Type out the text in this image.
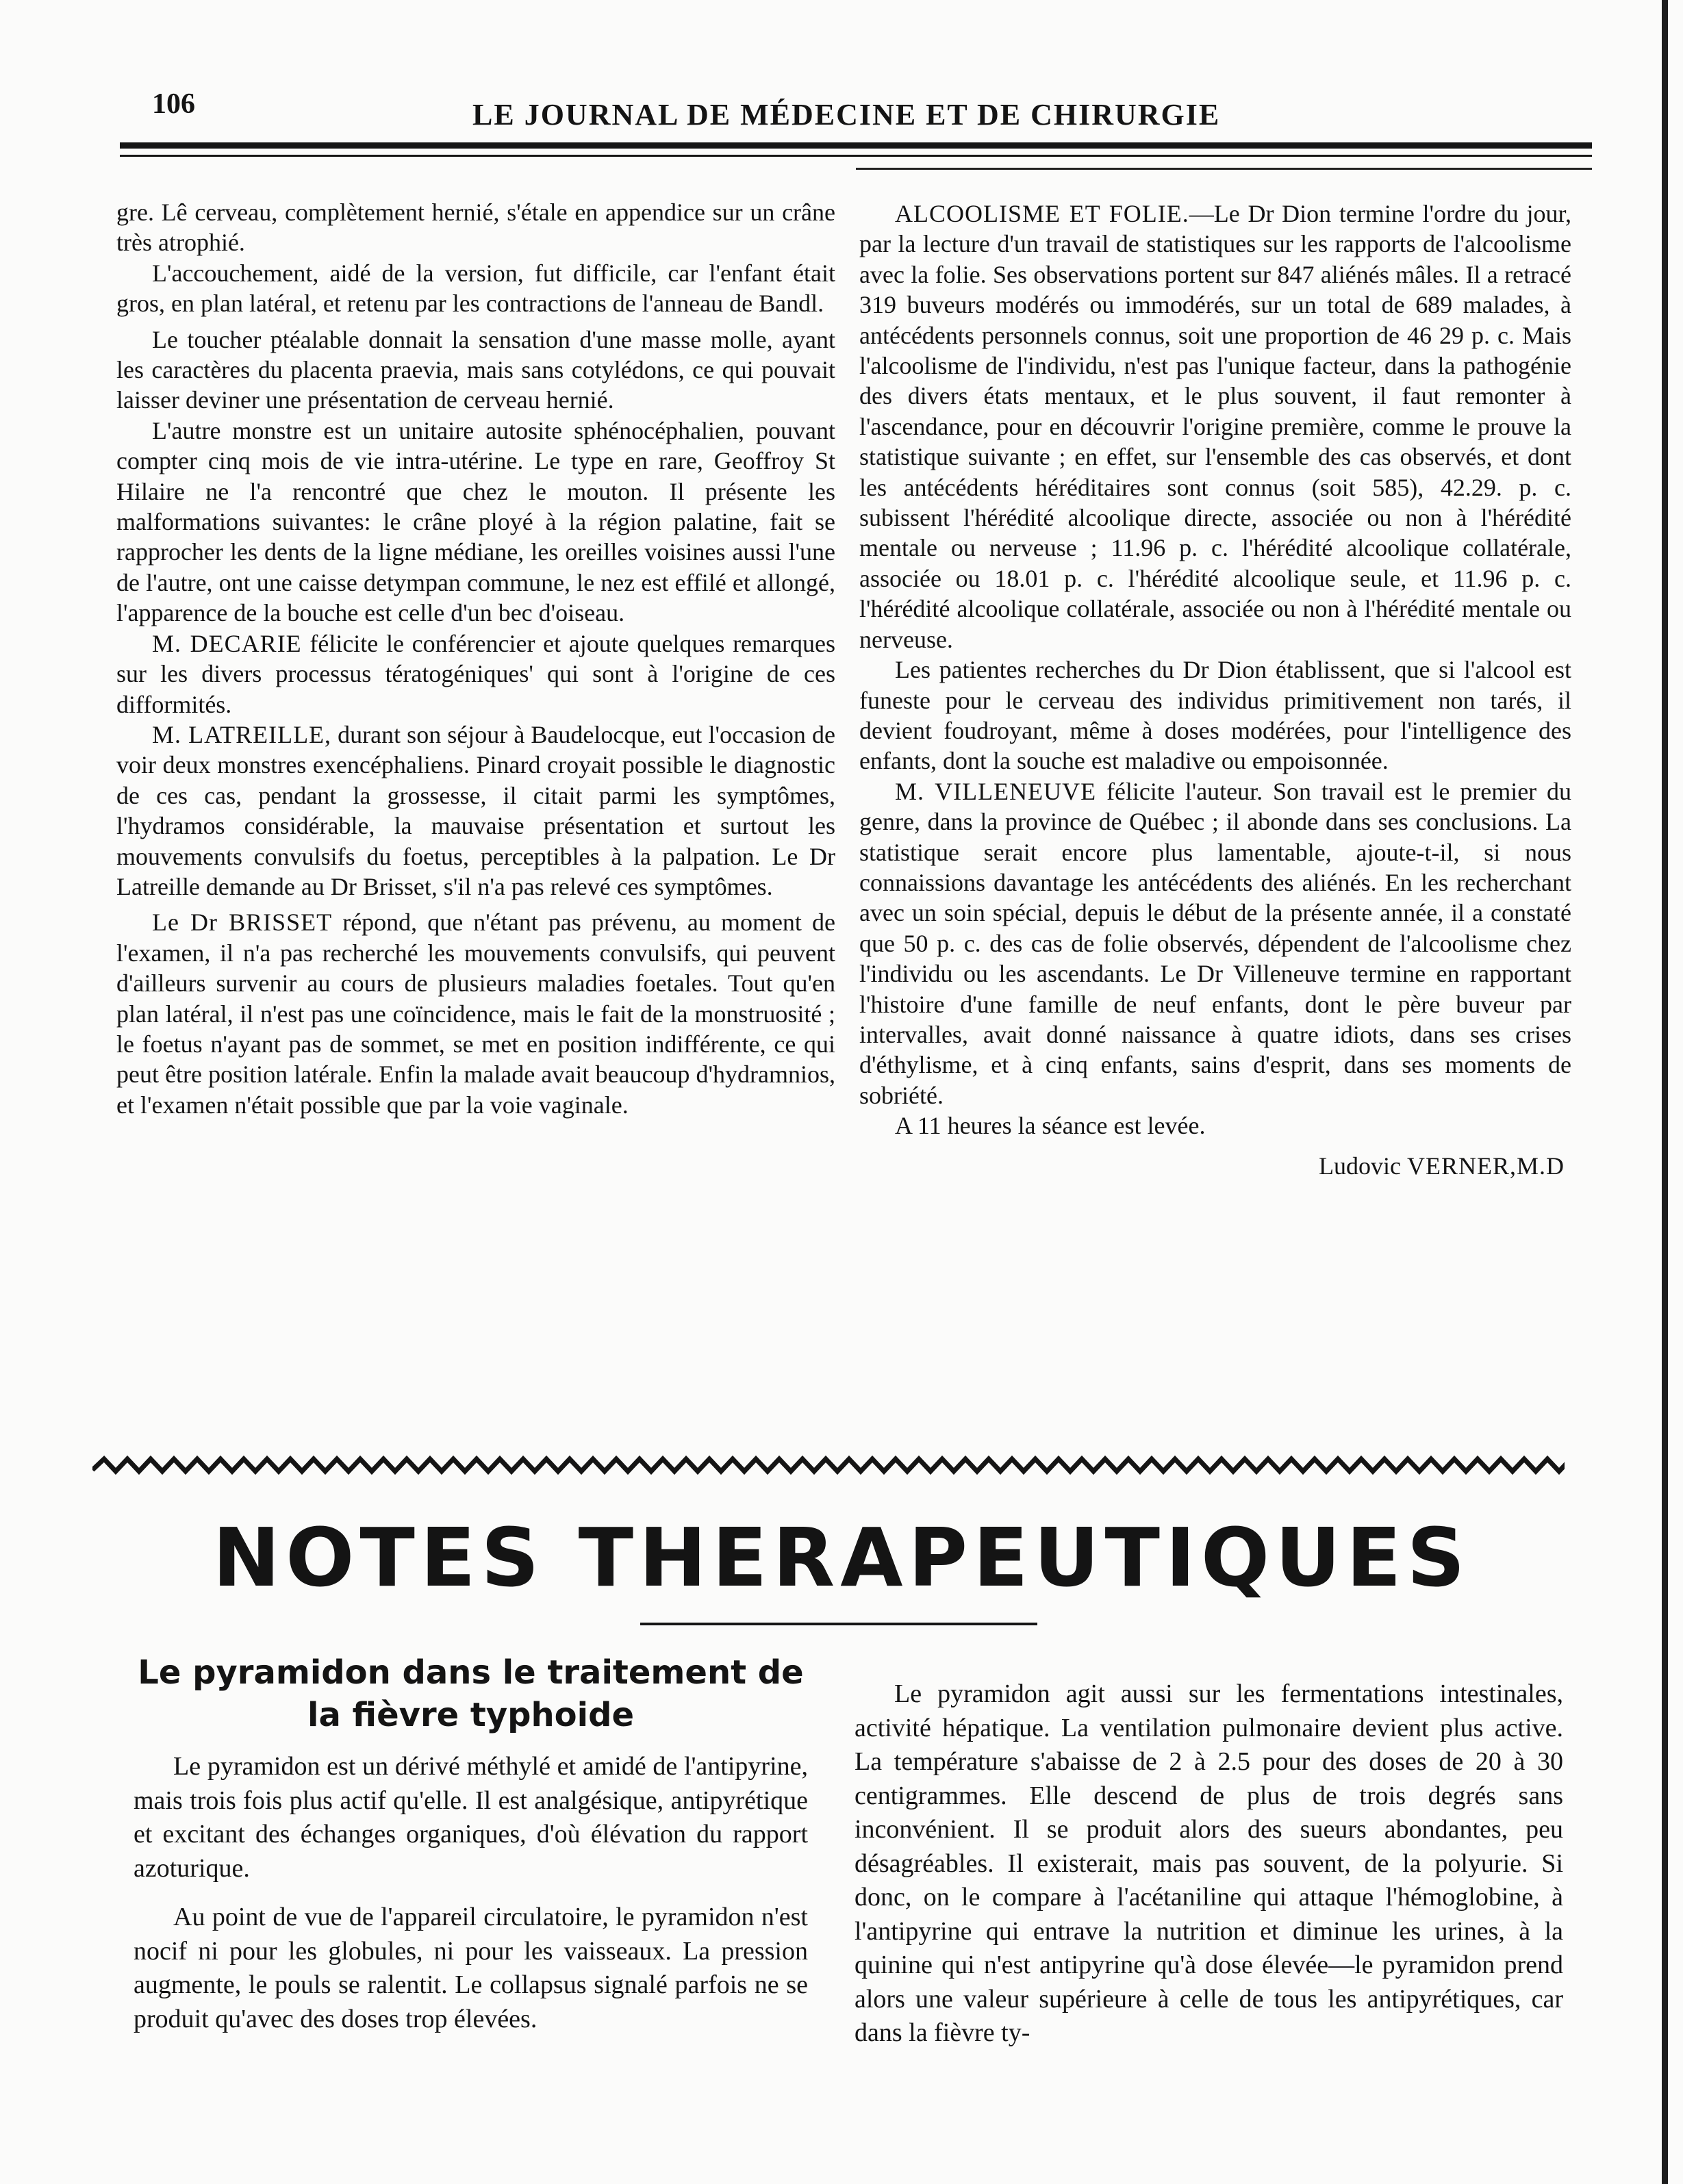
106	LE JOURNAL DE MÉDECINE ET DE CHIRURGIE

gre. Lê cerveau, complètement hernié, s'étale en appendice sur un crâne très atrophié.

L'accouchement, aidé de la version, fut difficile, car l'enfant était gros, en plan latéral, et retenu par les contractions de l'anneau de Bandl.

Le toucher ptéalable donnait la sensation d'une masse molle, ayant les caractères du placenta praevia, mais sans cotylédons, ce qui pouvait laisser deviner une présentation de cerveau hernié.

L'autre monstre est un unitaire autosite sphénocéphalien, pouvant compter cinq mois de vie intra-utérine. Le type en rare, Geoffroy St Hilaire ne l'a rencontré que chez le mouton. Il présente les malformations suivantes: le crâne ployé à la région palatine, fait se rapprocher les dents de la ligne médiane, les oreilles voisines aussi l'une de l'autre, ont une caisse detympan commune, le nez est effilé et allongé, l'apparence de la bouche est celle d'un bec d'oiseau.

M. DECARIE félicite le conférencier et ajoute quelques remarques sur les divers processus tératogéniques' qui sont à l'origine de ces difformités.

M. LATREILLE, durant son séjour à Baudelocque, eut l'occasion de voir deux monstres exencéphaliens. Pinard croyait possible le diagnostic de ces cas, pendant la grossesse, il citait parmi les symptômes, l'hydramos considérable, la mauvaise présentation et surtout les mouvements convulsifs du foetus, perceptibles à la palpation. Le Dr Latreille demande au Dr Brisset, s'il n'a pas relevé ces symptômes.

Le Dr BRISSET répond, que n'étant pas prévenu, au moment de l'examen, il n'a pas recherché les mouvements convulsifs, qui peuvent d'ailleurs survenir au cours de plusieurs maladies foetales. Tout qu'en plan latéral, il n'est pas une coïncidence, mais le fait de la monstruosité ; le foetus n'ayant pas de sommet, se met en position indifférente, ce qui peut être position latérale. Enfin la malade avait beaucoup d'hydramnios, et l'examen n'était possible que par la voie vaginale.

ALCOOLISME ET FOLIE.—Le Dr Dion termine l'ordre du jour, par la lecture d'un travail de statistiques sur les rapports de l'alcoolisme avec la folie. Ses observations portent sur 847 aliénés mâles. Il a retracé 319 buveurs modérés ou immodérés, sur un total de 689 malades, à antécédents personnels connus, soit une proportion de 46 29 p. c. Mais l'alcoolisme de l'individu, n'est pas l'unique facteur, dans la pathogénie des divers états mentaux, et le plus souvent, il faut remonter à l'ascendance, pour en découvrir l'origine première, comme le prouve la statistique suivante ; en effet, sur l'ensemble des cas observés, et dont les antécédents héréditaires sont connus (soit 585), 42.29. p. c. subissent l'hérédité alcoolique directe, associée ou non à l'hérédité mentale ou nerveuse ; 11.96 p. c. l'hérédité alcoolique collatérale, associée ou 18.01 p. c. l'hérédité alcoolique seule, et 11.96 p. c. l'hérédité alcoolique collatérale, associée ou non à l'hérédité mentale ou nerveuse.

Les patientes recherches du Dr Dion établissent, que si l'alcool est funeste pour le cerveau des individus primitivement non tarés, il devient foudroyant, même à doses modérées, pour l'intelligence des enfants, dont la souche est maladive ou empoisonnée.

M. VILLENEUVE félicite l'auteur. Son travail est le premier du genre, dans la province de Québec ; il abonde dans ses conclusions. La statistique serait encore plus lamentable, ajoute-t-il, si nous connaissions davantage les antécédents des aliénés. En les recherchant avec un soin spécial, depuis le début de la présente année, il a constaté que 50 p. c. des cas de folie observés, dépendent de l'alcoolisme chez l'individu ou les ascendants. Le Dr Villeneuve termine en rapportant l'histoire d'une famille de neuf enfants, dont le père buveur par intervalles, avait donné naissance à quatre idiots, dans ses crises d'éthylisme, et à cinq enfants, sains d'esprit, dans ses moments de sobriété.

A 11 heures la séance est levée.

Ludovic VERNER,M.D

NOTES THERAPEUTIQUES

Le pyramidon dans le traitement de la fièvre typhoide

Le pyramidon est un dérivé méthylé et amidé de l'antipyrine, mais trois fois plus actif qu'elle. Il est analgésique, antipyrétique et excitant des échanges organiques, d'où élévation du rapport azoturique.

Au point de vue de l'appareil circulatoire, le pyramidon n'est nocif ni pour les globules, ni pour les vaisseaux. La pression augmente, le pouls se ralentit. Le collapsus signalé parfois ne se produit qu'avec des doses trop élevées.

Le pyramidon agit aussi sur les fermentations intestinales, activité hépatique. La ventilation pulmonaire devient plus active. La température s'abaisse de 2 à 2.5 pour des doses de 20 à 30 centigrammes. Elle descend de plus de trois degrés sans inconvénient. Il se produit alors des sueurs abondantes, peu désagréables. Il existerait, mais pas souvent, de la polyurie. Si donc, on le compare à l'acétaniline qui attaque l'hémoglobine, à l'antipyrine qui entrave la nutrition et diminue les urines, à la quinine qui n'est antipyrine qu'à dose élevée—le pyramidon prend alors une valeur supérieure à celle de tous les antipyrétiques, car dans la fièvre ty-
